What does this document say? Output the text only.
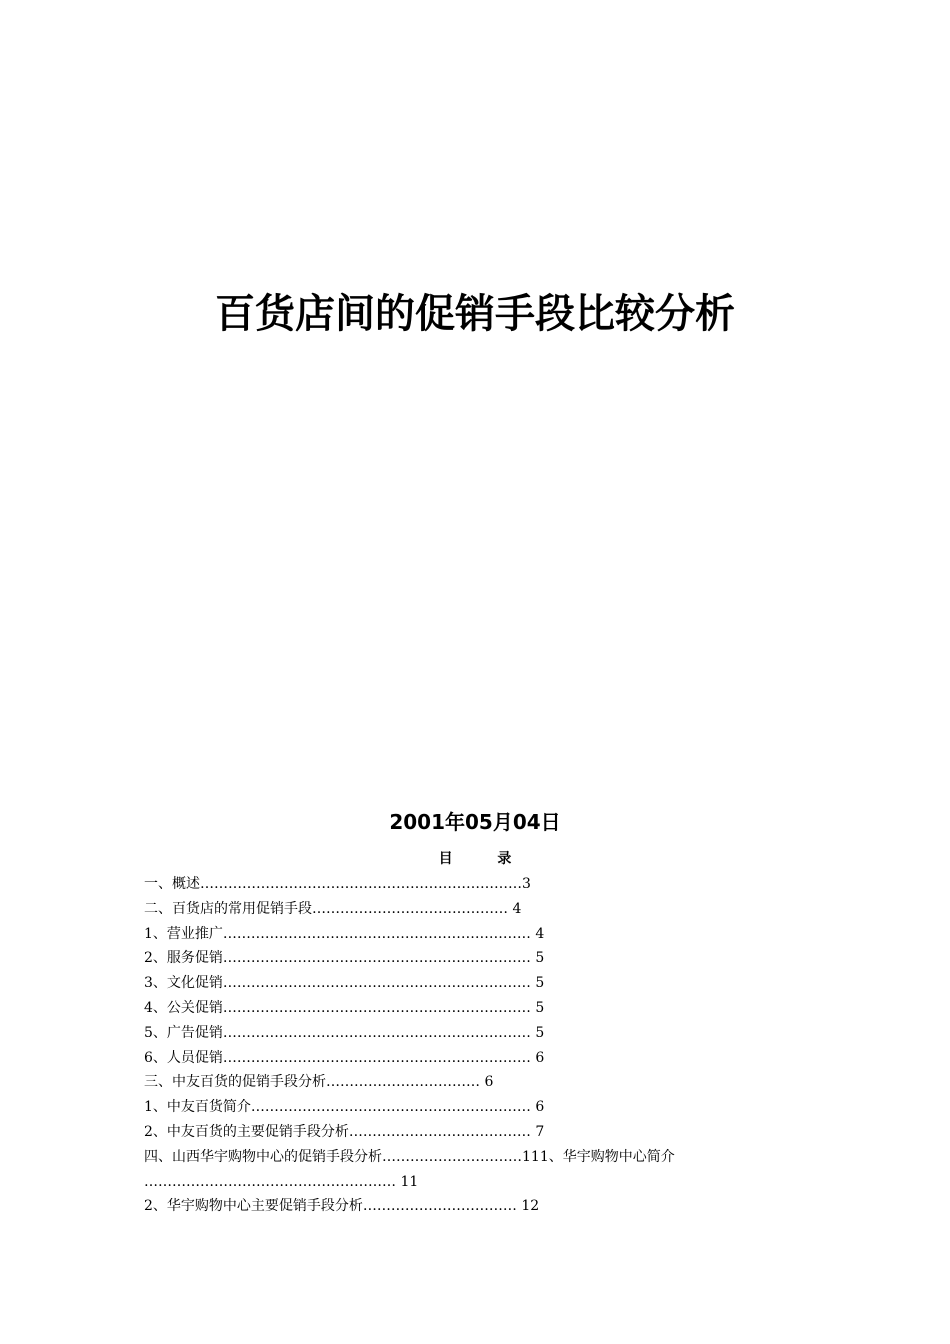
百货店间的促销手段比较分析
2001年05月04日
目 录
一、概述……………………………………………………………3
二、百货店的常用促销手段…………………………………… 4
1、营业推广………………………………………………………… 4
2、服务促销………………………………………………………… 5
3、文化促销………………………………………………………… 5
4、公关促销………………………………………………………… 5
5、广告促销………………………………………………………… 5
6、人员促销………………………………………………………… 6
三、中友百货的促销手段分析…………………………… 6
1、中友百货简介…………………………………………………… 6
2、中友百货的主要促销手段分析………………………………… 7
四、山西华宇购物中心的促销手段分析…………………………111、华宇购物中心简介
……………………………………………… 11
2、华宇购物中心主要促销手段分析…………………………… 12
